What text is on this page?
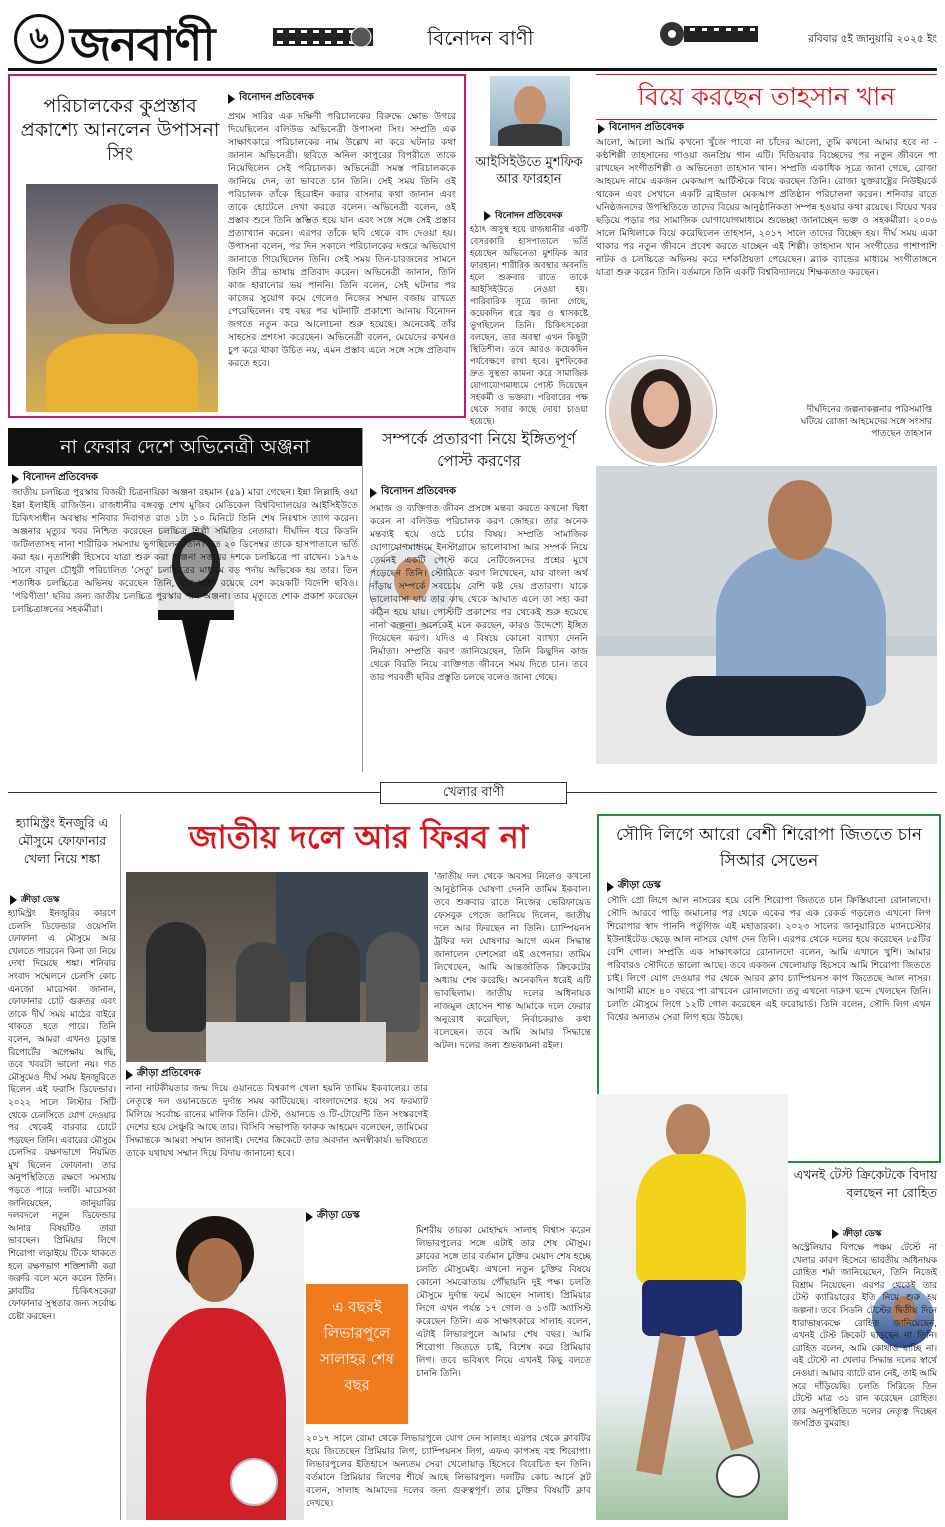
৬ জনবাণী	বিনোদন বাণী	রবিবার ৫ই জানুয়ারি ২০২৫ ইং
পরিচালকের কুপ্রস্তাব প্রকাশ্যে আনলেন উপাসনা সিং
বিনোদন প্রতিবেদক
প্রথম সারির এক দক্ষিণী পরিচালকের বিরুদ্ধে ক্ষোভ উগরে দিয়েছিলেন বলিউড অভিনেত্রী উপাসনা সিং। সম্প্রতি এক সাক্ষাৎকারে পরিচালকের নাম উল্লেখ না করে ঘটনার কথা জানান অভিনেত্রী। ছবিতে অনিল কাপুরের বিপরীতে তাকে নিয়েছিলেন সেই পরিচালক। অভিনেত্রী সমস্ত পরিচালককে জানিয়ে দেন, তা ভাবতে চান তিনি। সেই সময় তিনি ওই পরিচালক তাঁকে হিরোইন করার বাসনার কথা জানান এবং তাকে হোটেলে দেখা করতে বলেন। অভিনেত্রী বলেন, ওই প্রস্তাব শুনে তিনি স্তম্ভিত হয়ে যান এবং সঙ্গে সঙ্গে সেই প্রস্তাব প্রত্যাখ্যান করেন। এরপর তাঁকে ছবি থেকে বাদ দেওয়া হয়। উপাসনা বলেন, পর দিন সকালে পরিচালকের দপ্তরে অভিযোগ জানাতে গিয়েছিলেন তিনি। সেই সময় তিন-চারজনের সামনে তিনি তীব্র ভাষায় প্রতিবাদ করেন। অভিনেত্রী জানান, তিনি কাজ হারানোর ভয় পাননি। তিনি বলেন, সেই ঘটনার পর কাজের সুযোগ কমে গেলেও নিজের সম্মান বজায় রাখতে পেরেছিলেন। বহু বছর পর ঘটনাটি প্রকাশ্যে আনায় বিনোদন জগতে নতুন করে আলোচনা শুরু হয়েছে। অনেকেই তাঁর সাহসের প্রশংসা করেছেন। অভিনেত্রী বলেন, মেয়েদের কখনও চুপ করে থাকা উচিত নয়, এমন প্রস্তাব এলে সঙ্গে সঙ্গে প্রতিবাদ করতে হবে।
আইসিইউতে মুশফিক আর ফারহান
বিনোদন প্রতিবেদক
হঠাৎ অসুস্থ হয়ে রাজধানীর একটি বেসরকারি হাসপাতালে ভর্তি হয়েছেন অভিনেতা মুশফিক আর ফারহান। শারীরিক অবস্থার অবনতি হলে শুক্রবার রাতে তাকে আইসিইউতে নেওয়া হয়। পারিবারিক সূত্রে জানা গেছে, কয়েকদিন ধরে জ্বর ও শ্বাসকষ্টে ভুগছিলেন তিনি। চিকিৎসকেরা বলছেন, তার অবস্থা এখন কিছুটা স্থিতিশীল। তবে আরও কয়েকদিন পর্যবেক্ষণে রাখা হবে। মুশফিকের দ্রুত সুস্থতা কামনা করে সামাজিক যোগাযোগমাধ্যমে পোস্ট দিয়েছেন সহকর্মী ও ভক্তরা। পরিবারের পক্ষ থেকে সবার কাছে দোয়া চাওয়া হয়েছে।
বিয়ে করছেন তাহসান খান
বিনোদন প্রতিবেদক
আলো, আলো আমি কখনো খুঁজে পাবো না চাঁদের আলো, তুমি কখনো আমার হবে না - কণ্ঠশিল্পী তাহসানের গাওয়া জনপ্রিয় গান এটি। দিতিয়বার বিচ্ছেদের পর নতুন জীবনে পা রাখছেন সংগীতশিল্পী ও অভিনেতা তাহসান খান। সম্প্রতি একাধিক সূত্রে জানা গেছে, রোজা আহমেদ নামে একজন মেকআপ আর্টিস্টকে বিয়ে করছেন তিনি। রোজা যুক্তরাষ্ট্রের নিউইয়র্কে থাকেন এবং সেখানে একটি ব্রাইডাল মেকআপ প্রতিষ্ঠান পরিচালনা করেন। শনিবার রাতে ঘনিষ্ঠজনদের উপস্থিতিতে তাদের বিয়ের আনুষ্ঠানিকতা সম্পন্ন হওয়ার কথা রয়েছে। বিয়ের খবর ছড়িয়ে পড়ার পর সামাজিক যোগাযোগমাধ্যমে শুভেচ্ছা জানাচ্ছেন ভক্ত ও সহকর্মীরা। ২০০৬ সালে মিথিলাকে বিয়ে করেছিলেন তাহসান, ২০১৭ সালে তাদের বিচ্ছেদ হয়। দীর্ঘ সময় একা থাকার পর নতুন জীবনে প্রবেশ করতে যাচ্ছেন এই শিল্পী। তাহসান খান সংগীতের পাশাপাশি নাটক ও চলচ্চিত্রে অভিনয় করে দর্শকপ্রিয়তা পেয়েছেন। ব্ল্যাক ব্যান্ডের মাধ্যমে সংগীতাঙ্গনে যাত্রা শুরু করেন তিনি। বর্তমানে তিনি একটি বিশ্ববিদ্যালয়ে শিক্ষকতাও করছেন।
দীর্ঘদিনের জল্পনাকল্পনার পরিসমাপ্তি ঘটিয়ে রোজা আহমেদের সঙ্গে সংসার পাতছেন তাহসান
না ফেরার দেশে অভিনেত্রী অঞ্জনা
বিনোদন প্রতিবেদক
জাতীয় চলচ্চিত্র পুরস্কার বিজয়ী চিত্রনায়িকা অঞ্জনা রহমান (৫৯) মারা গেছেন। ইন্না লিল্লাহি ওয়া ইন্না ইলাইহি রাজিউন। রাজধানীর বঙ্গবন্ধু শেখ মুজিব মেডিকেল বিশ্ববিদ্যালয়ের আইসিইউতে চিকিৎসাধীন অবস্থায় শনিবার দিবাগত রাত ১টা ১০ মিনিটে তিনি শেষ নিঃশ্বাস ত্যাগ করেন। অঞ্জনার মৃত্যুর খবর নিশ্চিত করেছেন চলচ্চিত্র শিল্পী সমিতির নেতারা। দীর্ঘদিন ধরে কিডনি জটিলতাসহ নানা শারীরিক সমস্যায় ভুগছিলেন তিনি। গত ২০ ডিসেম্বর তাকে হাসপাতালে ভর্তি করা হয়। নৃত্যশিল্পী হিসেবে যাত্রা শুরু করা অঞ্জনা সত্তরের দশকে চলচ্চিত্রে পা রাখেন। ১৯৭৬ সালে বাবুল চৌধুরী পরিচালিত 'সেতু' চলচ্চিত্রের মাধ্যমে বড় পর্দায় অভিষেক হয় তার। তিন শতাধিক চলচ্চিত্রে অভিনয় করেছেন তিনি, যার মধ্যে রয়েছে বেশ কয়েকটি বিদেশি ছবিও। 'পরিণীতা' ছবির জন্য জাতীয় চলচ্চিত্র পুরস্কার পান অঞ্জনা। তার মৃত্যুতে শোক প্রকাশ করেছেন চলচ্চিত্রাঙ্গনের সহকর্মীরা।
সম্পর্কে প্রতারণা নিয়ে ইঙ্গিতপূর্ণ পোস্ট করণের
বিনোদন প্রতিবেদক
সমাজ ও ব্যক্তিগত জীবন প্রসঙ্গে মন্তব্য করতে কখনো দ্বিধা করেন না বলিউড পরিচালক করণ জোহর। তার অনেক মন্তব্যই হয়ে ওঠে চর্চার বিষয়। সম্প্রতি সামাজিক যোগাযোগমাধ্যমে ইনস্টাগ্রামে ভালোবাসা আর সম্পর্ক নিয়ে তেমনই একটি পোস্ট করে নেটিজেনদের প্রশ্নের মুখে পড়েছেন তিনি। স্টোরিতে করণ লিখেছেন, যার বাংলা অর্থ দাঁড়ায় সম্পর্কে সবচেয়ে বেশি কষ্ট দেয় প্রতারণা। যাকে ভালোবাসা যায় তার কাছ থেকে আঘাত এলে তা সহ্য করা কঠিন হয়ে যায়। পোস্টটি প্রকাশের পর থেকেই শুরু হয়েছে নানা জল্পনা। অনেকেই মনে করছেন, কারও উদ্দেশ্যে ইঙ্গিত দিয়েছেন করণ। যদিও এ বিষয়ে কোনো ব্যাখ্যা দেননি নির্মাতা। সম্প্রতি করণ জানিয়েছেন, তিনি কিছুদিন কাজ থেকে বিরতি নিয়ে ব্যক্তিগত জীবনে সময় দিতে চান। তবে তার পরবর্তী ছবির প্রস্তুতি চলছে বলেও জানা গেছে।
খেলার বাণী
হ্যামিস্ট্রং ইনজুরি এ মৌসুমে ফোফানার খেলা নিয়ে শঙ্কা
ক্রীড়া ডেস্ক
হ্যামিস্ট্রং ইনজুরির কারণে চেলসি ডিফেন্ডার ওয়েসলি ফোফানা এ মৌসুমে আর খেলতে পারবেন কিনা তা নিয়ে দেখা দিয়েছে শঙ্কা। শনিবার সংবাদ সম্মেলনে চেলসি কোচ এনজো মারেসকা জানান, ফোফানার চোট গুরুতর এবং তাকে দীর্ঘ সময় মাঠের বাইরে থাকতে হতে পারে। তিনি বলেন, আমরা এখনও চূড়ান্ত রিপোর্টের অপেক্ষায় আছি, তবে খবরটা ভালো নয়। গত মৌসুমেও দীর্ঘ সময় ইনজুরিতে ছিলেন এই ফরাসি ডিফেন্ডার। ২০২২ সালে লিস্টার সিটি থেকে চেলসিতে যোগ দেওয়ার পর থেকেই বারবার চোটে পড়ছেন তিনি। এবারের মৌসুমে চেলসির রক্ষণভাগে নিয়মিত মুখ ছিলেন ফোফানা। তার অনুপস্থিতিতে রক্ষণে সমস্যায় পড়তে পারে দলটি। মারেসকা জানিয়েছেন, জানুয়ারির দলবদলে নতুন ডিফেন্ডার আনার বিষয়টিও তারা ভাবছেন। প্রিমিয়ার লিগে শিরোপা লড়াইয়ে টিকে থাকতে হলে রক্ষণভাগ শক্তিশালী করা জরুরি বলে মনে করেন তিনি। ক্লাবটির চিকিৎসকেরা ফোফানার সুস্থতার জন্য সর্বোচ্চ চেষ্টা করছেন।
জাতীয় দলে আর ফিরব না
'জাতীয় দল থেকে অবসর নিলেও কখনো আনুষ্ঠানিক ঘোষণা দেননি তামিম ইকবাল। তবে শুক্রবার রাতে নিজের ভেরিফায়েড ফেসবুক পেজে জানিয়ে দিলেন, জাতীয় দলে আর ফিরছেন না তিনি। চ্যাম্পিয়নস ট্রফির দল ঘোষণার আগে এমন সিদ্ধান্ত জানালেন দেশসেরা এই ওপেনার। তামিম লিখেছেন, আমি আন্তর্জাতিক ক্রিকেটের অধ্যায় শেষ করেছি। অনেকদিন ধরেই এটি ভাবছিলাম। জাতীয় দলের অধিনায়ক নাজমুল হোসেন শান্ত আমাকে দলে ফেরার অনুরোধ করেছিল, নির্বাচকরাও কথা বলেছেন। তবে আমি আমার সিদ্ধান্তে অটল। দলের জন্য শুভকামনা রইল।
ক্রীড়া প্রতিবেদক
নানা নাটকীয়তার জন্ম দিয়ে ওয়ানডে বিশ্বকাপ খেলা হয়নি তামিম ইকবালের। তার নেতৃত্বে দল ওয়ানডেতে দুর্দান্ত সময় কাটিয়েছে। বাংলাদেশের হয়ে সব ফরম্যাট মিলিয়ে সর্বোচ্চ রানের মালিক তিনি। টেস্ট, ওয়ানডে ও টি-টোয়েন্টি তিন সংস্করণেই দেশের হয়ে সেঞ্চুরি আছে তার। বিসিবি সভাপতি ফারুক আহমেদ বলেছেন, তামিমের সিদ্ধান্তকে আমরা সম্মান জানাই। দেশের ক্রিকেটে তার অবদান অনস্বীকার্য। ভবিষ্যতে তাকে যথাযথ সম্মান দিয়ে বিদায় জানানো হবে।
সৌদি লিগে আরো বেশী শিরোপা জিততে চান সিআর সেভেন
ক্রীড়া ডেস্ক
সৌদি প্রো লিগে আল নাসরের হয়ে বেশি শিরোপা জিততে চান ক্রিস্তিয়ানো রোনালদো। সৌদি আরবে পাড়ি জমানোর পর থেকে একের পর এক রেকর্ড গড়লেও এখনো লিগ শিরোপার স্বাদ পাননি পর্তুগিজ এই মহাতারকা। ২০২৩ সালের জানুয়ারিতে ম্যানচেস্টার ইউনাইটেড ছেড়ে আল নাসরে যোগ দেন তিনি। এরপর থেকে দলের হয়ে করেছেন ৮৫টির বেশি গোল। সম্প্রতি এক সাক্ষাৎকারে রোনালদো বলেন, আমি এখানে খুশি। আমার পরিবারও সৌদিতে ভালো আছে। তবে একজন খেলোয়াড় হিসেবে আমি শিরোপা জিততে চাই। লিগে যোগ দেওয়ার পর থেকে আরব ক্লাব চ্যাম্পিয়নস কাপ জিতেছে আল নাসর। আগামী মাসে ৪০ বছরে পা রাখবেন রোনালদো। তবু এখনো দারুণ ছন্দে খেলছেন তিনি। চলতি মৌসুমে লিগে ১২টি গোল করেছেন এই ফরোয়ার্ড। তিনি বলেন, সৌদি লিগ এখন বিশ্বের অন্যতম সেরা লিগ হয়ে উঠছে।
এ বছরই লিভারপুলে সালাহর শেষ বছর
ক্রীড়া ডেস্ক
মিশরীয় তারকা মোহাম্মদ সালাহ বিশ্বাস করেন লিভারপুলের সঙ্গে এটাই তার শেষ মৌসুম। ক্লাবের সঙ্গে তার বর্তমান চুক্তির মেয়াদ শেষ হচ্ছে চলতি মৌসুমেই। এখনো নতুন চুক্তির বিষয়ে কোনো সমঝোতায় পৌঁছায়নি দুই পক্ষ। চলতি মৌসুমে দুর্দান্ত ফর্মে আছেন সালাহ। প্রিমিয়ার লিগে এখন পর্যন্ত ১৭ গোল ও ১৩টি অ্যাসিস্ট করেছেন তিনি। এক সাক্ষাৎকারে সালাহ বলেন, এটাই লিভারপুলে আমার শেষ বছর। আমি শিরোপা জিততে চাই, বিশেষ করে প্রিমিয়ার লিগ। তবে ভবিষ্যৎ নিয়ে এখনই কিছু বলতে চাননি তিনি।
২০১৭ সালে রোমা থেকে লিভারপুলে যোগ দেন সালাহ। এরপর থেকে ক্লাবটির হয়ে জিতেছেন প্রিমিয়ার লিগ, চ্যাম্পিয়নস লিগ, এফএ কাপসহ বহু শিরোপা। লিভারপুলের ইতিহাসে অন্যতম সেরা খেলোয়াড় হিসেবে বিবেচিত হন তিনি। বর্তমানে প্রিমিয়ার লিগের শীর্ষে আছে লিভারপুল। দলটির কোচ আর্নে স্লট বলেন, সালাহ আমাদের দলের জন্য গুরুত্বপূর্ণ। তার চুক্তির বিষয়টি ক্লাব দেখছে।
এখনই টেস্ট ক্রিকেটকে বিদায় বলছেন না রোহিত
ক্রীড়া ডেস্ক
অস্ট্রেলিয়ার বিপক্ষে পঞ্চম টেস্টে না খেলার কারণ হিসেবে ভারতীয় অধিনায়ক রোহিত শর্মা জানিয়েছেন, তিনি নিজেই বিশ্রাম নিয়েছেন। এরপর থেকেই তার টেস্ট ক্যারিয়ারের ইতি নিয়ে শুরু হয় জল্পনা। তবে সিডনি টেস্টের দ্বিতীয় দিনে ধারাভাষ্যকক্ষে রোহিত জানিয়েছেন, এখনই টেস্ট ক্রিকেট ছাড়ছেন না তিনি। রোহিত বলেন, আমি কোথাও যাচ্ছি না। এই টেস্টে না খেলার সিদ্ধান্ত দলের স্বার্থে নেওয়া। আমার ব্যাটে রান নেই, তাই আমি সরে দাঁড়িয়েছি। চলতি সিরিজে তিন টেস্টে মাত্র ৩১ রান করেছেন রোহিত। তার অনুপস্থিতিতে দলের নেতৃত্ব দিচ্ছেন জসপ্রিত বুমরাহ।
